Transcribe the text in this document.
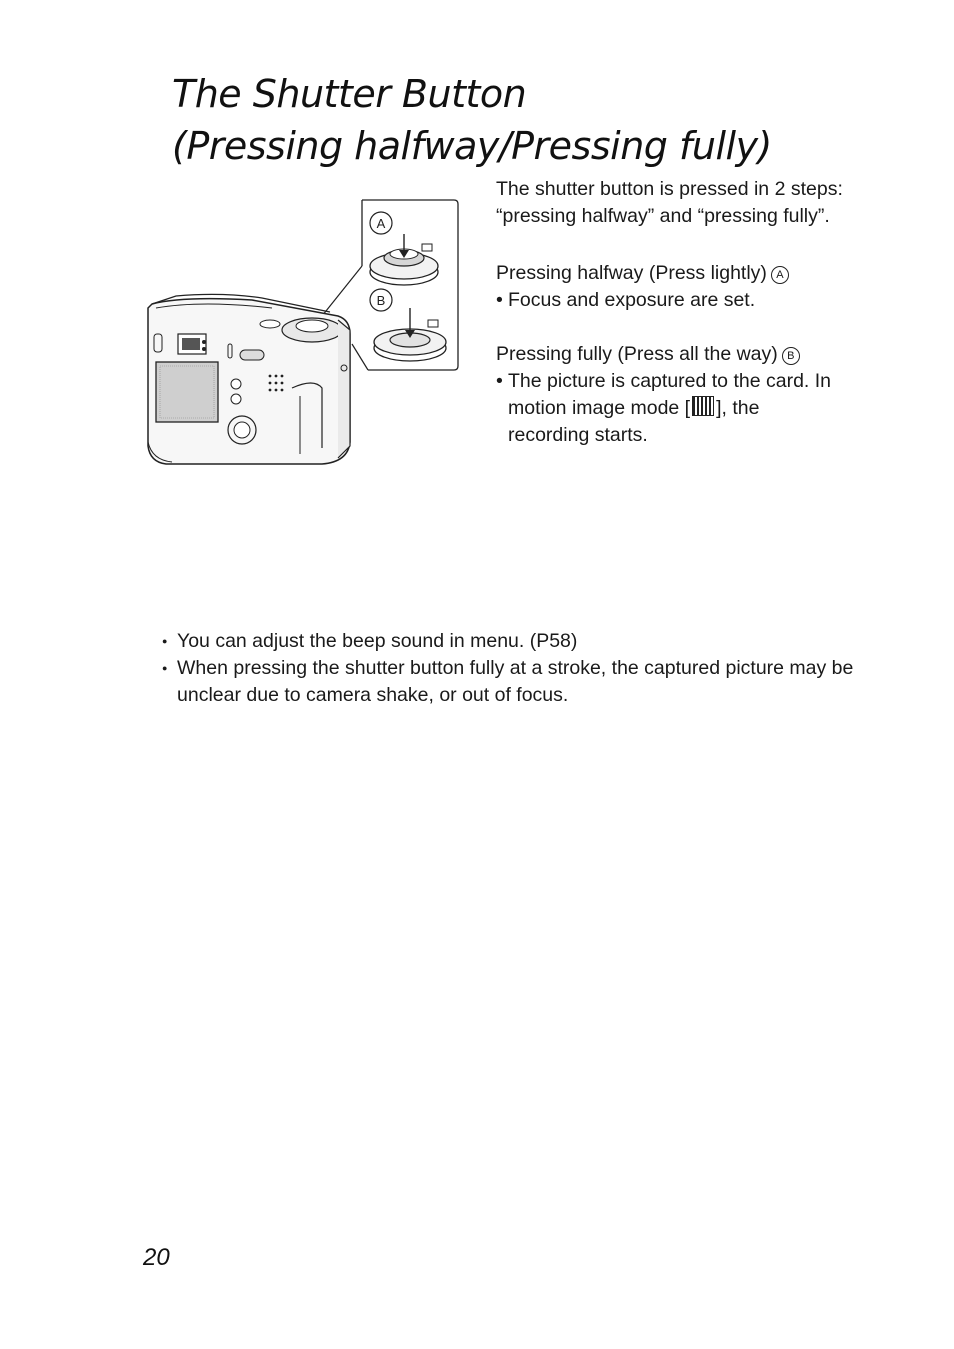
The Shutter Button
(Pressing halfway/Pressing fully)
A
B

The shutter button is pressed in 2 steps:

“pressing halfway” and “pressing fully”.

Pressing halfway (Press lightly) A

• Focus and exposure are set.

Pressing fully (Press all the way) B

• The picture is captured to the card. In

motion image mode [ ], the

recording starts.

● You can adjust the beep sound in menu. (P58)

● When pressing the shutter button fully at a stroke, the captured picture may be unclear due to camera shake, or out of focus.

20
